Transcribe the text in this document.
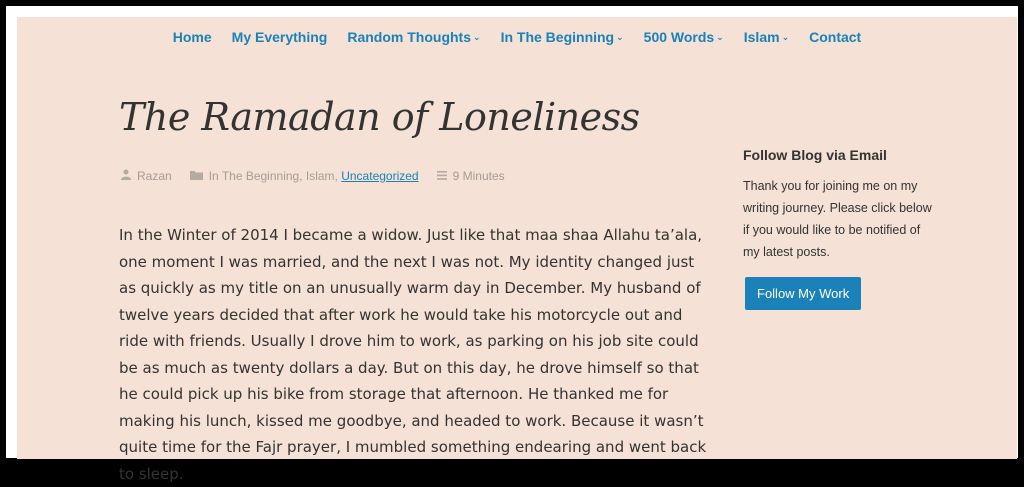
Home My Everything Random Thoughts ⌄ In The Beginning ⌄ 500 Words ⌄ Islam ⌄ Contact
The Ramadan of Loneliness
Razan	In The Beginning, Islam,
Uncategorized	9 Minutes

In the Winter of 2014 I became a widow. Just like that maa shaa Allahu ta’ala, one moment I was married, and the next I was not. My identity changed just as quickly as my title on an unusually warm day in December. My husband of twelve years decided that after work he would take his motorcycle out and ride with friends. Usually I drove him to work, as parking on his job site could be as much as twenty dollars a day. But on this day, he drove himself so that he could pick up his bike from storage that afternoon. He thanked me for making his lunch, kissed me goodbye, and headed to work. Because it wasn’t quite time for the Fajr prayer, I mumbled something endearing and went back to sleep.

Follow Blog via Email

Thank you for joining me on my writing journey. Please click below if you would like to be notified of my latest posts.

Follow My Work
